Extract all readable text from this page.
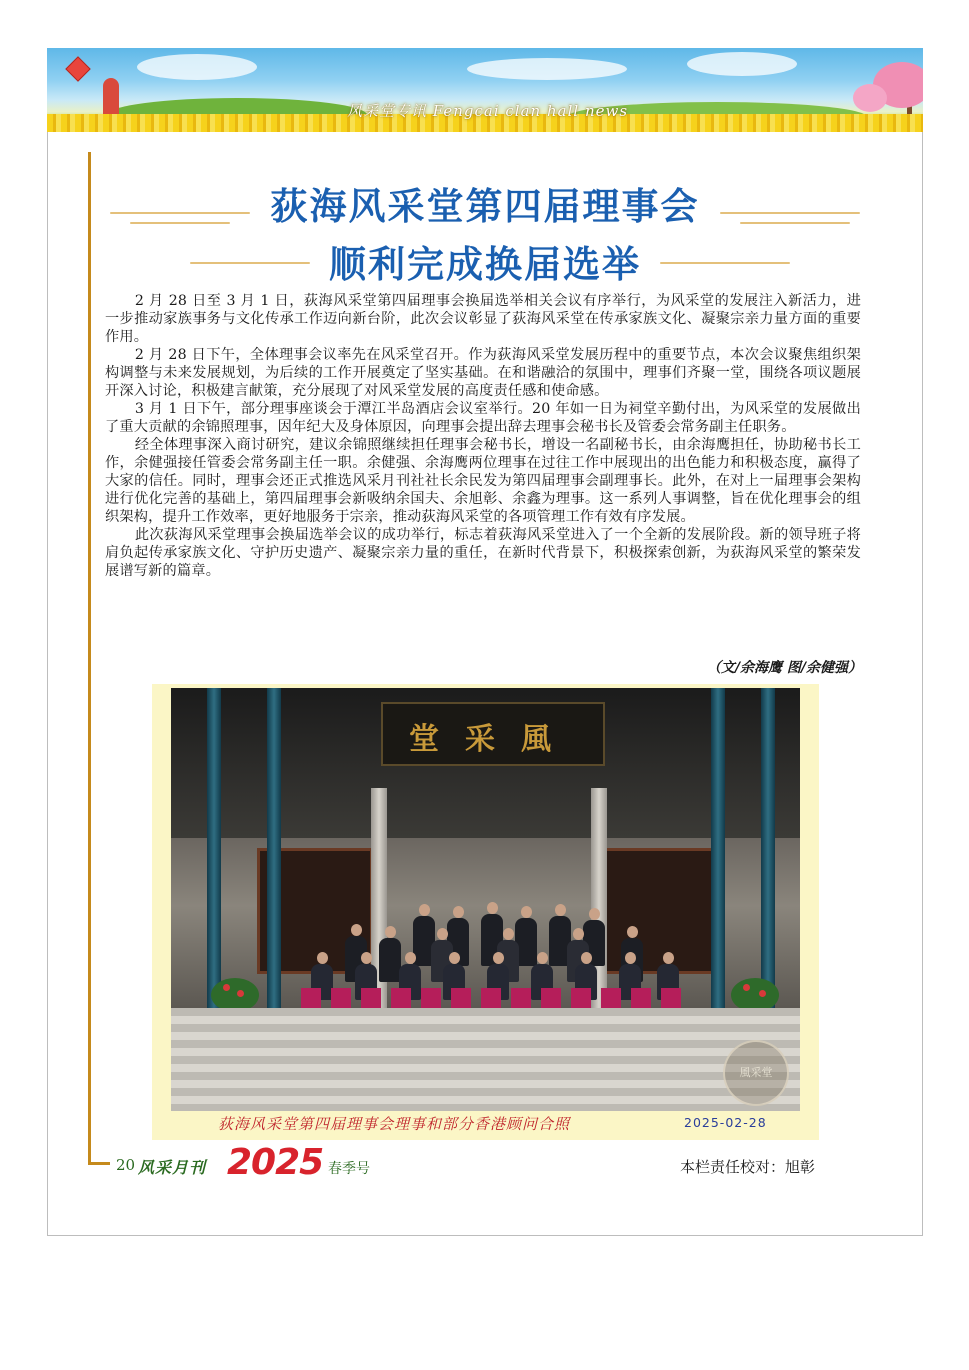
风采堂专讯 Fengcai clan hall news
荻海风采堂第四届理事会
顺利完成换届选举

2 月 28 日至 3 月 1 日，荻海风采堂第四届理事会换届选举相关会议有序举行，为风采堂的发展注入新活力，进一步推动家族事务与文化传承工作迈向新台阶，此次会议彰显了荻海风采堂在传承家族文化、凝聚宗亲力量方面的重要作用。

2 月 28 日下午，全体理事会议率先在风采堂召开。作为荻海风采堂发展历程中的重要节点，本次会议聚焦组织架构调整与未来发展规划，为后续的工作开展奠定了坚实基础。在和谐融洽的氛围中，理事们齐聚一堂，围绕各项议题展开深入讨论，积极建言献策，充分展现了对风采堂发展的高度责任感和使命感。

3 月 1 日下午，部分理事座谈会于潭江半岛酒店会议室举行。20 年如一日为祠堂辛勤付出，为风采堂的发展做出了重大贡献的余锦照理事，因年纪大及身体原因，向理事会提出辞去理事会秘书长及管委会常务副主任职务。

经全体理事深入商讨研究，建议余锦照继续担任理事会秘书长，增设一名副秘书长，由余海鹰担任，协助秘书长工作，余健强接任管委会常务副主任一职。余健强、余海鹰两位理事在过往工作中展现出的出色能力和积极态度，赢得了大家的信任。同时，理事会还正式推选风采月刊社社长余民发为第四届理事会副理事长。此外，在对上一届理事会架构进行优化完善的基础上，第四届理事会新吸纳余国夫、余旭彰、余鑫为理事。这一系列人事调整，旨在优化理事会的组织架构，提升工作效率，更好地服务于宗亲，推动荻海风采堂的各项管理工作有效有序发展。

此次荻海风采堂理事会换届选举会议的成功举行，标志着荻海风采堂进入了一个全新的发展阶段。新的领导班子将肩负起传承家族文化、守护历史遗产、凝聚宗亲力量的重任，在新时代背景下，积极探索创新，为荻海风采堂的繁荣发展谱写新的篇章。

（文/余海鹰 图/余健强）
堂采風
風采堂
荻海风采堂第四届理事会理事和部分香港顾问合照	2025-02-28
20 风采月刊 2025 春季号	本栏责任校对：旭彰
